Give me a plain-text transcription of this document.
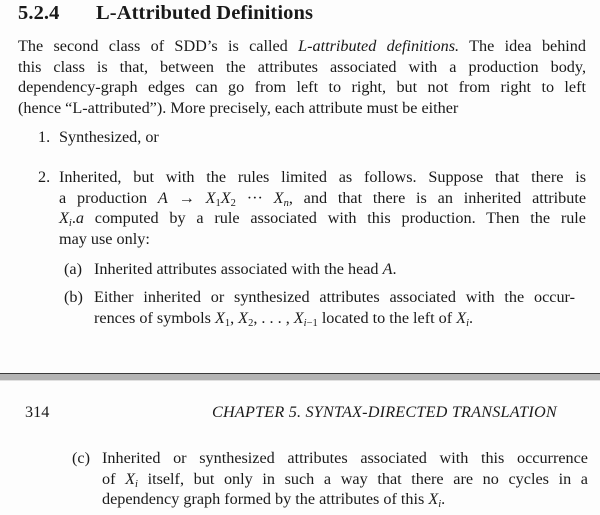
5.2.4 L-Attributed Definitions
The second class of SDD’s is called L-attributed definitions. The idea behind
this class is that, between the attributes associated with a production body,
dependency-graph edges can go from left to right, but not from right to left
(hence “L-attributed”). More precisely, each attribute must be either
1. Synthesized, or
2. Inherited, but with the rules limited as follows. Suppose that there is
a production $A \to X_1X_2$ ··· $X_n$, and that there is an inherited attribute
$X_i.a$ computed by a rule associated with this production. Then the rule
may use only:
(a) Inherited attributes associated with the head A.
(b) Either inherited or synthesized attributes associated with the occur-
rences of symbols $X_1$, $X_2$, . . . , $X_{i-1}$ located to the left of $X_i$.
314	CHAPTER 5. SYNTAX-DIRECTED TRANSLATION
(c) Inherited or synthesized attributes associated with this occurrence
of $X_i$ itself, but only in such a way that there are no cycles in a
dependency graph formed by the attributes of this $X_i$.
